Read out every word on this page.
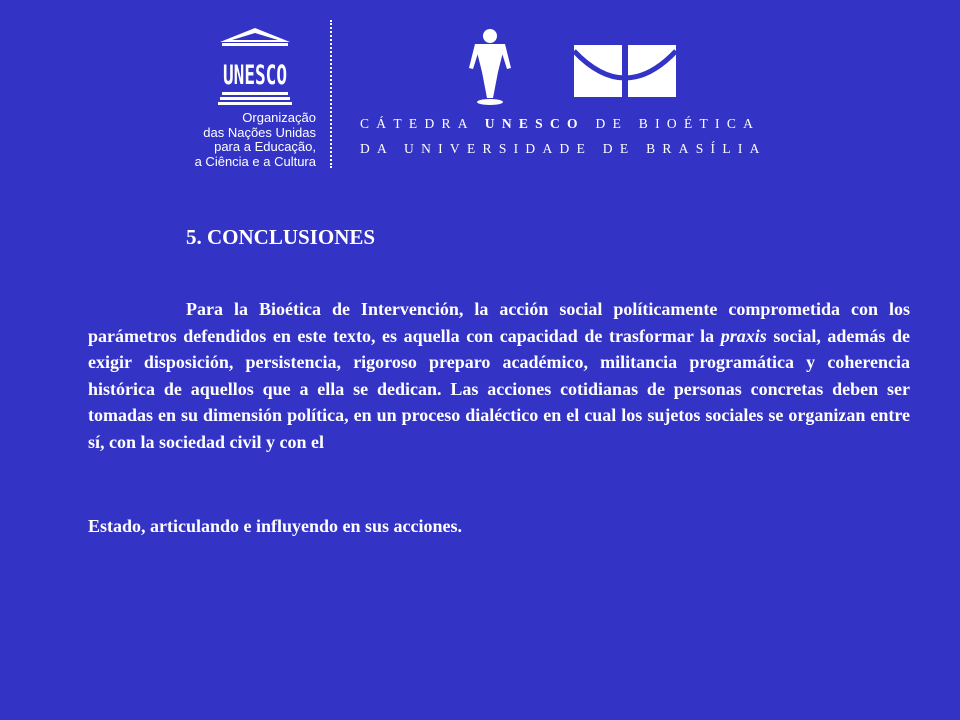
UNESCO
Organização
das Nações Unidas
para a Educação,
a Ciência e a Cultura
CÁTEDRA UNESCO DE BIOÉTICA
DA UNIVERSIDADE DE BRASÍLIA
5. CONCLUSIONES

Para la Bioética de Intervención, la acción social políticamente comprometida con los parámetros defendidos en este texto, es aquella con capacidad de trasformar la praxis social, además de exigir disposición, persistencia, rigoroso preparo académico, militancia programática y coherencia histórica de aquellos que a ella se dedican. Las acciones cotidianas de personas concretas deben ser tomadas en su dimensión política, en un proceso dialéctico en el cual los sujetos sociales se organizan entre sí, con la sociedad civil y con el

Estado, articulando e influyendo en sus acciones.
